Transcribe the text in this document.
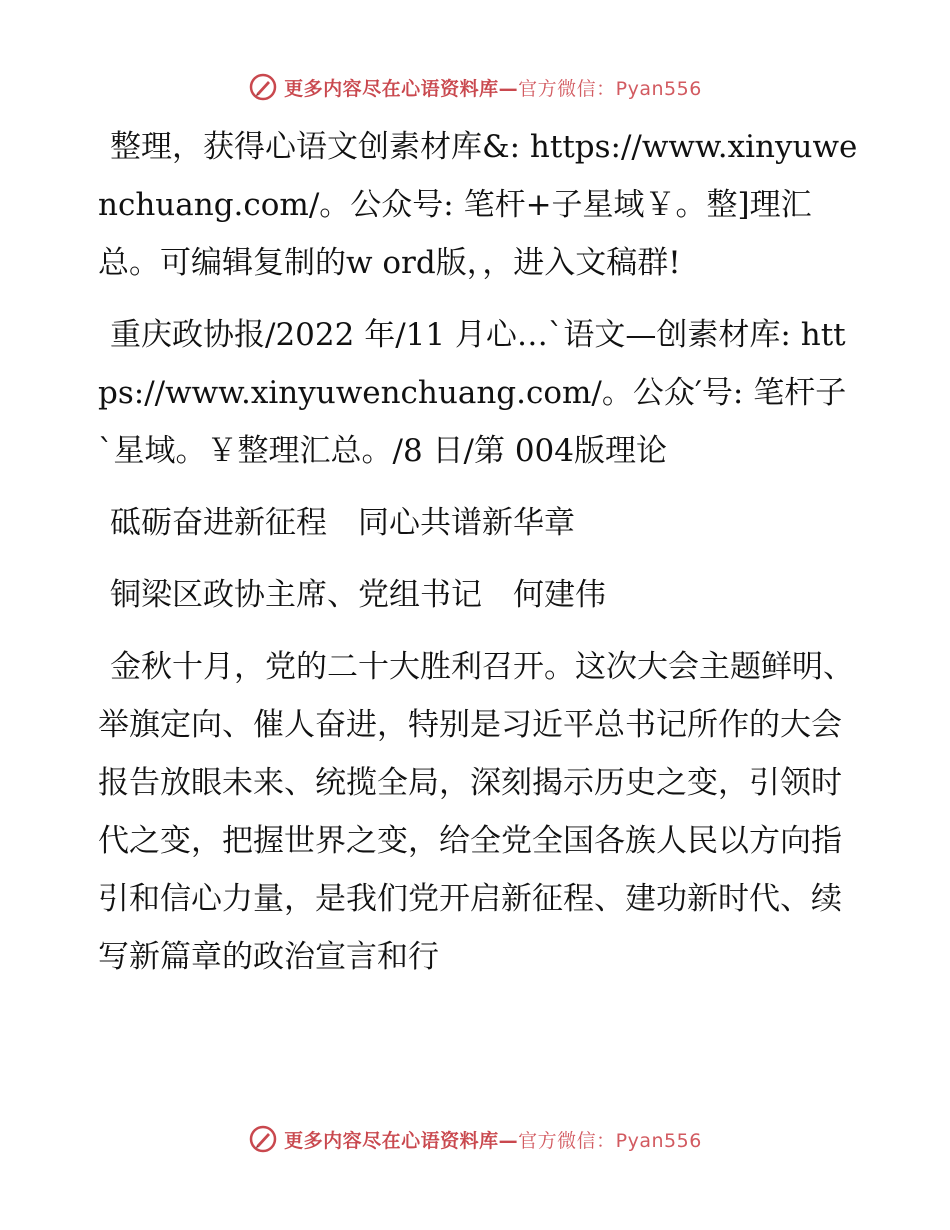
更多内容尽在心语资料库—官方微信：Pyan556

整理，获得心语文创素材库&: https://www.xinyuwenchuang.com/。公众号: 笔杆+子星域￥。整]理汇总。可编辑复制的w ord版，，进入文稿群!

重庆政协报/2022 年/11 月心…`语文—创素材库: https://www.xinyuwenchuang.com/。公众′号: 笔杆子`星域。￥整理汇总。/8 日/第 004版理论

砥砺奋进新征程　同心共谱新华章

铜梁区政协主席、党组书记　何建伟

金秋十月，党的二十大胜利召开。这次大会主题鲜明、举旗定向、催人奋进，特别是习近平总书记所作的大会报告放眼未来、统揽全局，深刻揭示历史之变，引领时代之变，把握世界之变，给全党全国各族人民以方向指引和信心力量，是我们党开启新征程、建功新时代、续写新篇章的政治宣言和行

更多内容尽在心语资料库—官方微信：Pyan556
